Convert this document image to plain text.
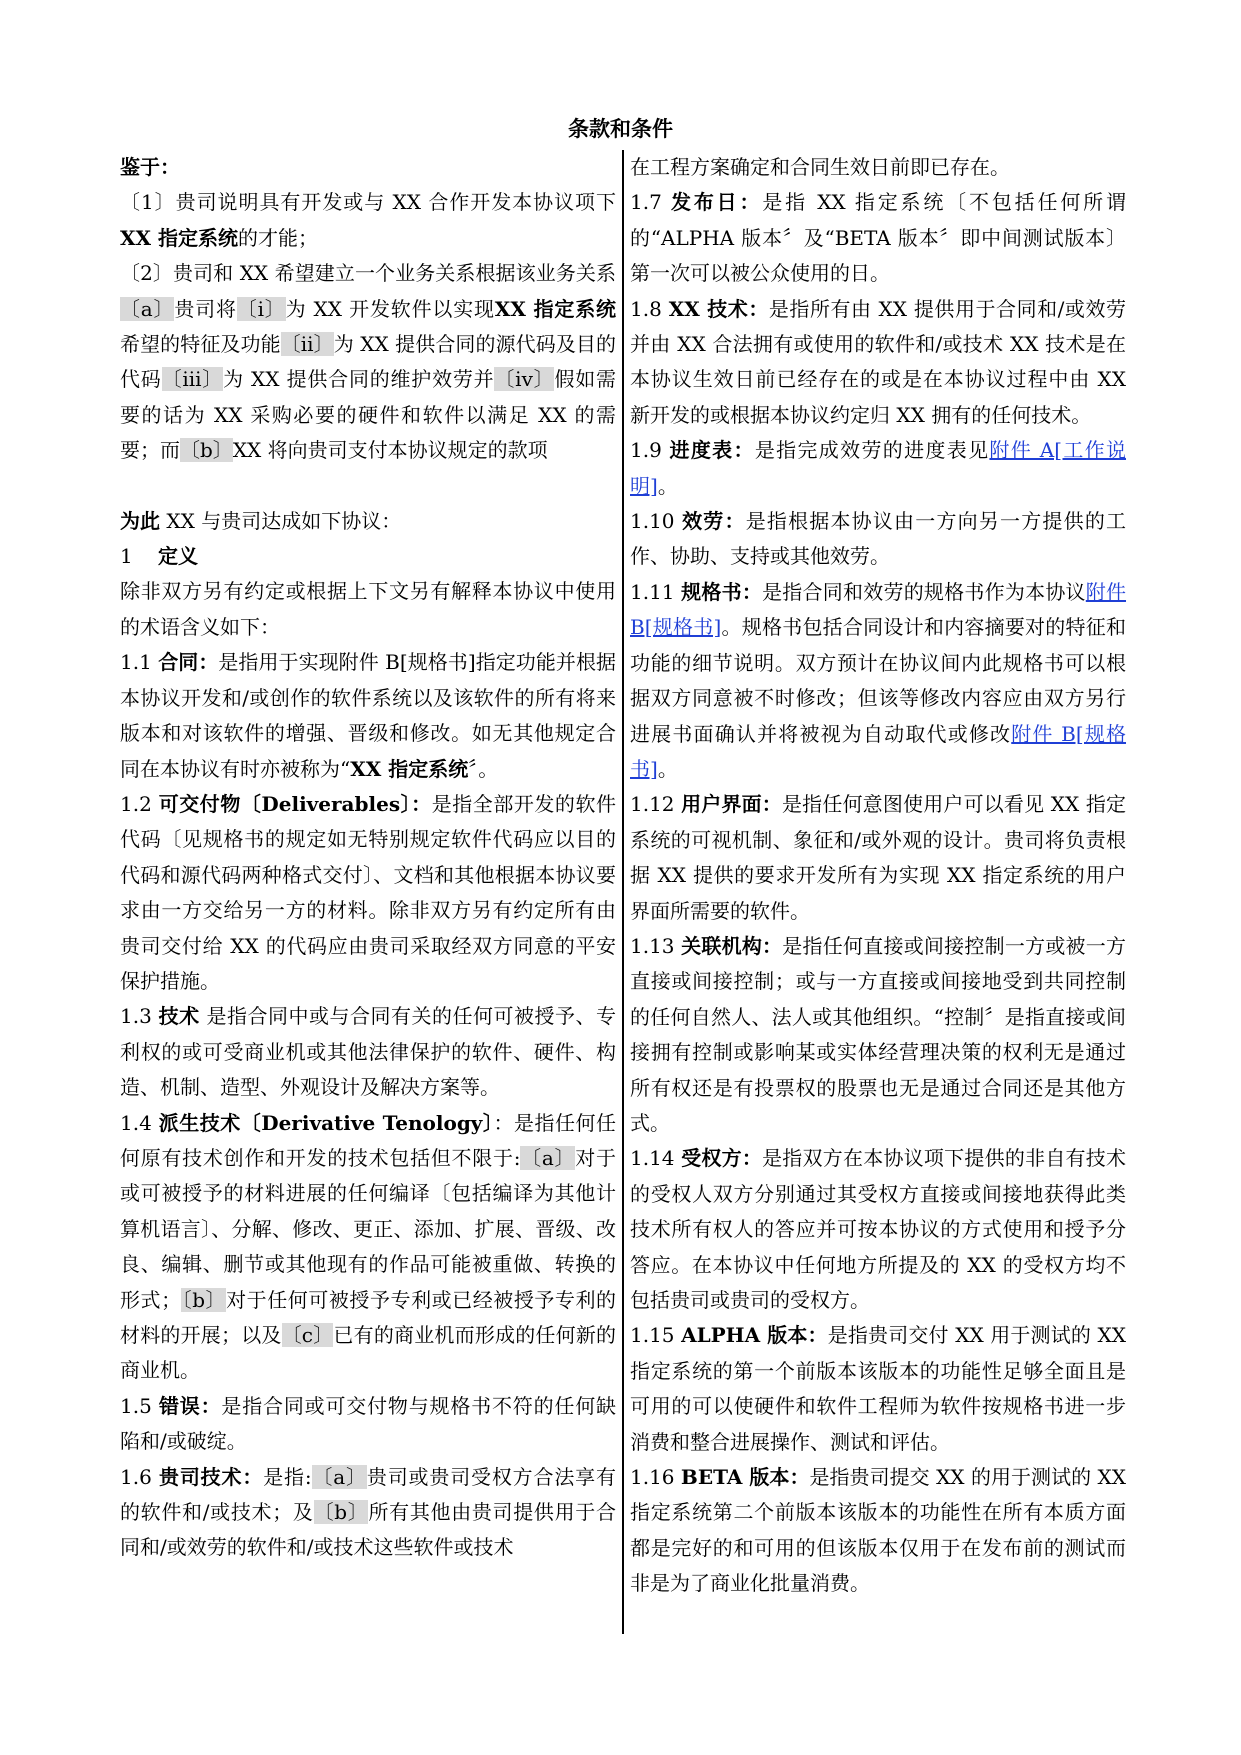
条款和条件

鉴于：

〔1〕贵司说明具有开发或与 XX 合作开发本协议项下XX 指定系统的才能；

〔2〕贵司和 XX 希望建立一个业务关系根据该业务关系〔a〕贵司将〔i〕为 XX 开发软件以实现XX 指定系统希望的特征及功能〔ii〕为 XX 提供合同的源代码及目的代码〔iii〕为 XX 提供合同的维护效劳并〔iv〕假如需要的话为 XX 采购必要的硬件和软件以满足 XX 的需要；而〔b〕XX 将向贵司支付本协议规定的款项

为此 XX 与贵司达成如下协议：

1 定义

除非双方另有约定或根据上下文另有解释本协议中使用的术语含义如下：

1.1 合同：是指用于实现附件 B[规格书]指定功能并根据本协议开发和/或创作的软件系统以及该软件的所有将来版本和对该软件的增强、晋级和修改。如无其他规定合同在本协议有时亦被称为“XX 指定系统〞。

1.2 可交付物〔Deliverables〕：是指全部开发的软件代码〔见规格书的规定如无特别规定软件代码应以目的代码和源代码两种格式交付〕、文档和其他根据本协议要求由一方交给另一方的材料。除非双方另有约定所有由贵司交付给 XX 的代码应由贵司采取经双方同意的平安保护措施。

1.3 技术 是指合同中或与合同有关的任何可被授予、专利权的或可受商业机或其他法律保护的软件、硬件、构造、机制、造型、外观设计及解决方案等。

1.4 派生技术〔Derivative Tenology〕：是指任何任何原有技术创作和开发的技术包括但不限于:〔a〕对于或可被授予的材料进展的任何编译〔包括编译为其他计算机语言〕、分解、修改、更正、添加、扩展、晋级、改良、编辑、删节或其他现有的作品可能被重做、转换的形式；〔b〕对于任何可被授予专利或已经被授予专利的材料的开展；以及〔c〕已有的商业机而形成的任何新的商业机。

1.5 错误：是指合同或可交付物与规格书不符的任何缺陷和/或破绽。

1.6 贵司技术：是指:〔a〕贵司或贵司受权方合法享有的软件和/或技术；及〔b〕所有其他由贵司提供用于合同和/或效劳的软件和/或技术这些软件或技术

在工程方案确定和合同生效日前即已存在。

1.7 发布日：是指 XX 指定系统〔不包括任何所谓的“ALPHA 版本〞及“BETA 版本〞即中间测试版本〕第一次可以被公众使用的日。

1.8 XX 技术：是指所有由 XX 提供用于合同和/或效劳并由 XX 合法拥有或使用的软件和/或技术 XX 技术是在本协议生效日前已经存在的或是在本协议过程中由 XX 新开发的或根据本协议约定归 XX 拥有的任何技术。

1.9 进度表：是指完成效劳的进度表见附件 A[工作说明]。

1.10 效劳：是指根据本协议由一方向另一方提供的工作、协助、支持或其他效劳。

1.11 规格书：是指合同和效劳的规格书作为本协议附件 B[规格书]。规格书包括合同设计和内容摘要对的特征和功能的细节说明。双方预计在协议间内此规格书可以根据双方同意被不时修改；但该等修改内容应由双方另行进展书面确认并将被视为自动取代或修改附件 B[规格书]。

1.12 用户界面：是指任何意图使用户可以看见 XX 指定系统的可视机制、象征和/或外观的设计。贵司将负责根据 XX 提供的要求开发所有为实现 XX 指定系统的用户界面所需要的软件。

1.13 关联机构：是指任何直接或间接控制一方或被一方直接或间接控制；或与一方直接或间接地受到共同控制的任何自然人、法人或其他组织。“控制〞是指直接或间接拥有控制或影响某或实体经营理决策的权利无是通过所有权还是有投票权的股票也无是通过合同还是其他方式。

1.14 受权方：是指双方在本协议项下提供的非自有技术的受权人双方分别通过其受权方直接或间接地获得此类技术所有权人的答应并可按本协议的方式使用和授予分答应。在本协议中任何地方所提及的 XX 的受权方均不包括贵司或贵司的受权方。

1.15 ALPHA 版本：是指贵司交付 XX 用于测试的 XX 指定系统的第一个前版本该版本的功能性足够全面且是可用的可以使硬件和软件工程师为软件按规格书进一步消费和整合进展操作、测试和评估。

1.16 BETA 版本：是指贵司提交 XX 的用于测试的 XX 指定系统第二个前版本该版本的功能性在所有本质方面都是完好的和可用的但该版本仅用于在发布前的测试而非是为了商业化批量消费。
